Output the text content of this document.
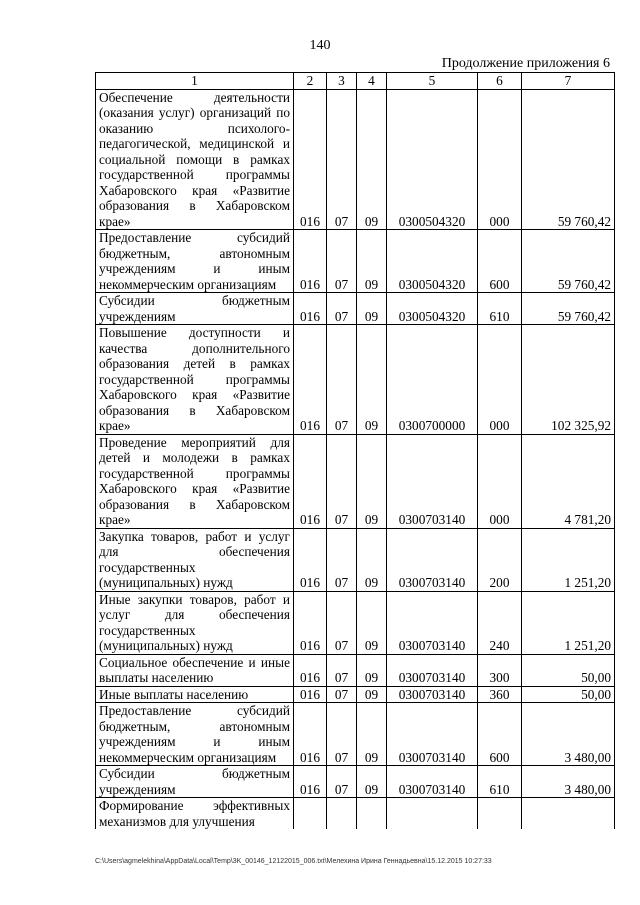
140
Продолжение приложения 6
1	2	3	4	5	6	7
Обеспечение деятельности (оказания услуг) организаций по оказанию психолого-педагогической, медицинской и социальной помощи в рамках государственной программы Хабаровского края «Развитие образования в Хабаровском крае»	016	07	09	0300504320	000	59 760,42
Предоставление субсидий бюджетным, автономным учреждениям и иным некоммерческим организациям	016	07	09	0300504320	600	59 760,42
Субсидии бюджетным учреждениям	016	07	09	0300504320	610	59 760,42
Повышение доступности и качества дополнительного образования детей в рамках государственной программы Хабаровского края «Развитие образования в Хабаровском крае»	016	07	09	0300700000	000	102 325,92
Проведение мероприятий для детей и молодежи в рамках государственной программы Хабаровского края «Развитие образования в Хабаровском крае»	016	07	09	0300703140	000	4 781,20
Закупка товаров, работ и услуг для обеспечения государственных (муниципальных) нужд	016	07	09	0300703140	200	1 251,20
Иные закупки товаров, работ и услуг для обеспечения государственных (муниципальных) нужд	016	07	09	0300703140	240	1 251,20
Социальное обеспечение и иные выплаты населению	016	07	09	0300703140	300	50,00
Иные выплаты населению	016	07	09	0300703140	360	50,00
Предоставление субсидий бюджетным, автономным учреждениям и иным некоммерческим организациям	016	07	09	0300703140	600	3 480,00
Субсидии бюджетным учреждениям	016	07	09	0300703140	610	3 480,00
Формирование эффективных механизмов для улучшения						
C:\Users\agmelekhina\AppData\Local\Temp\3K_00146_12122015_006.txt\Мелехина Ирина Геннадьевна\15.12.2015 10:27:33
